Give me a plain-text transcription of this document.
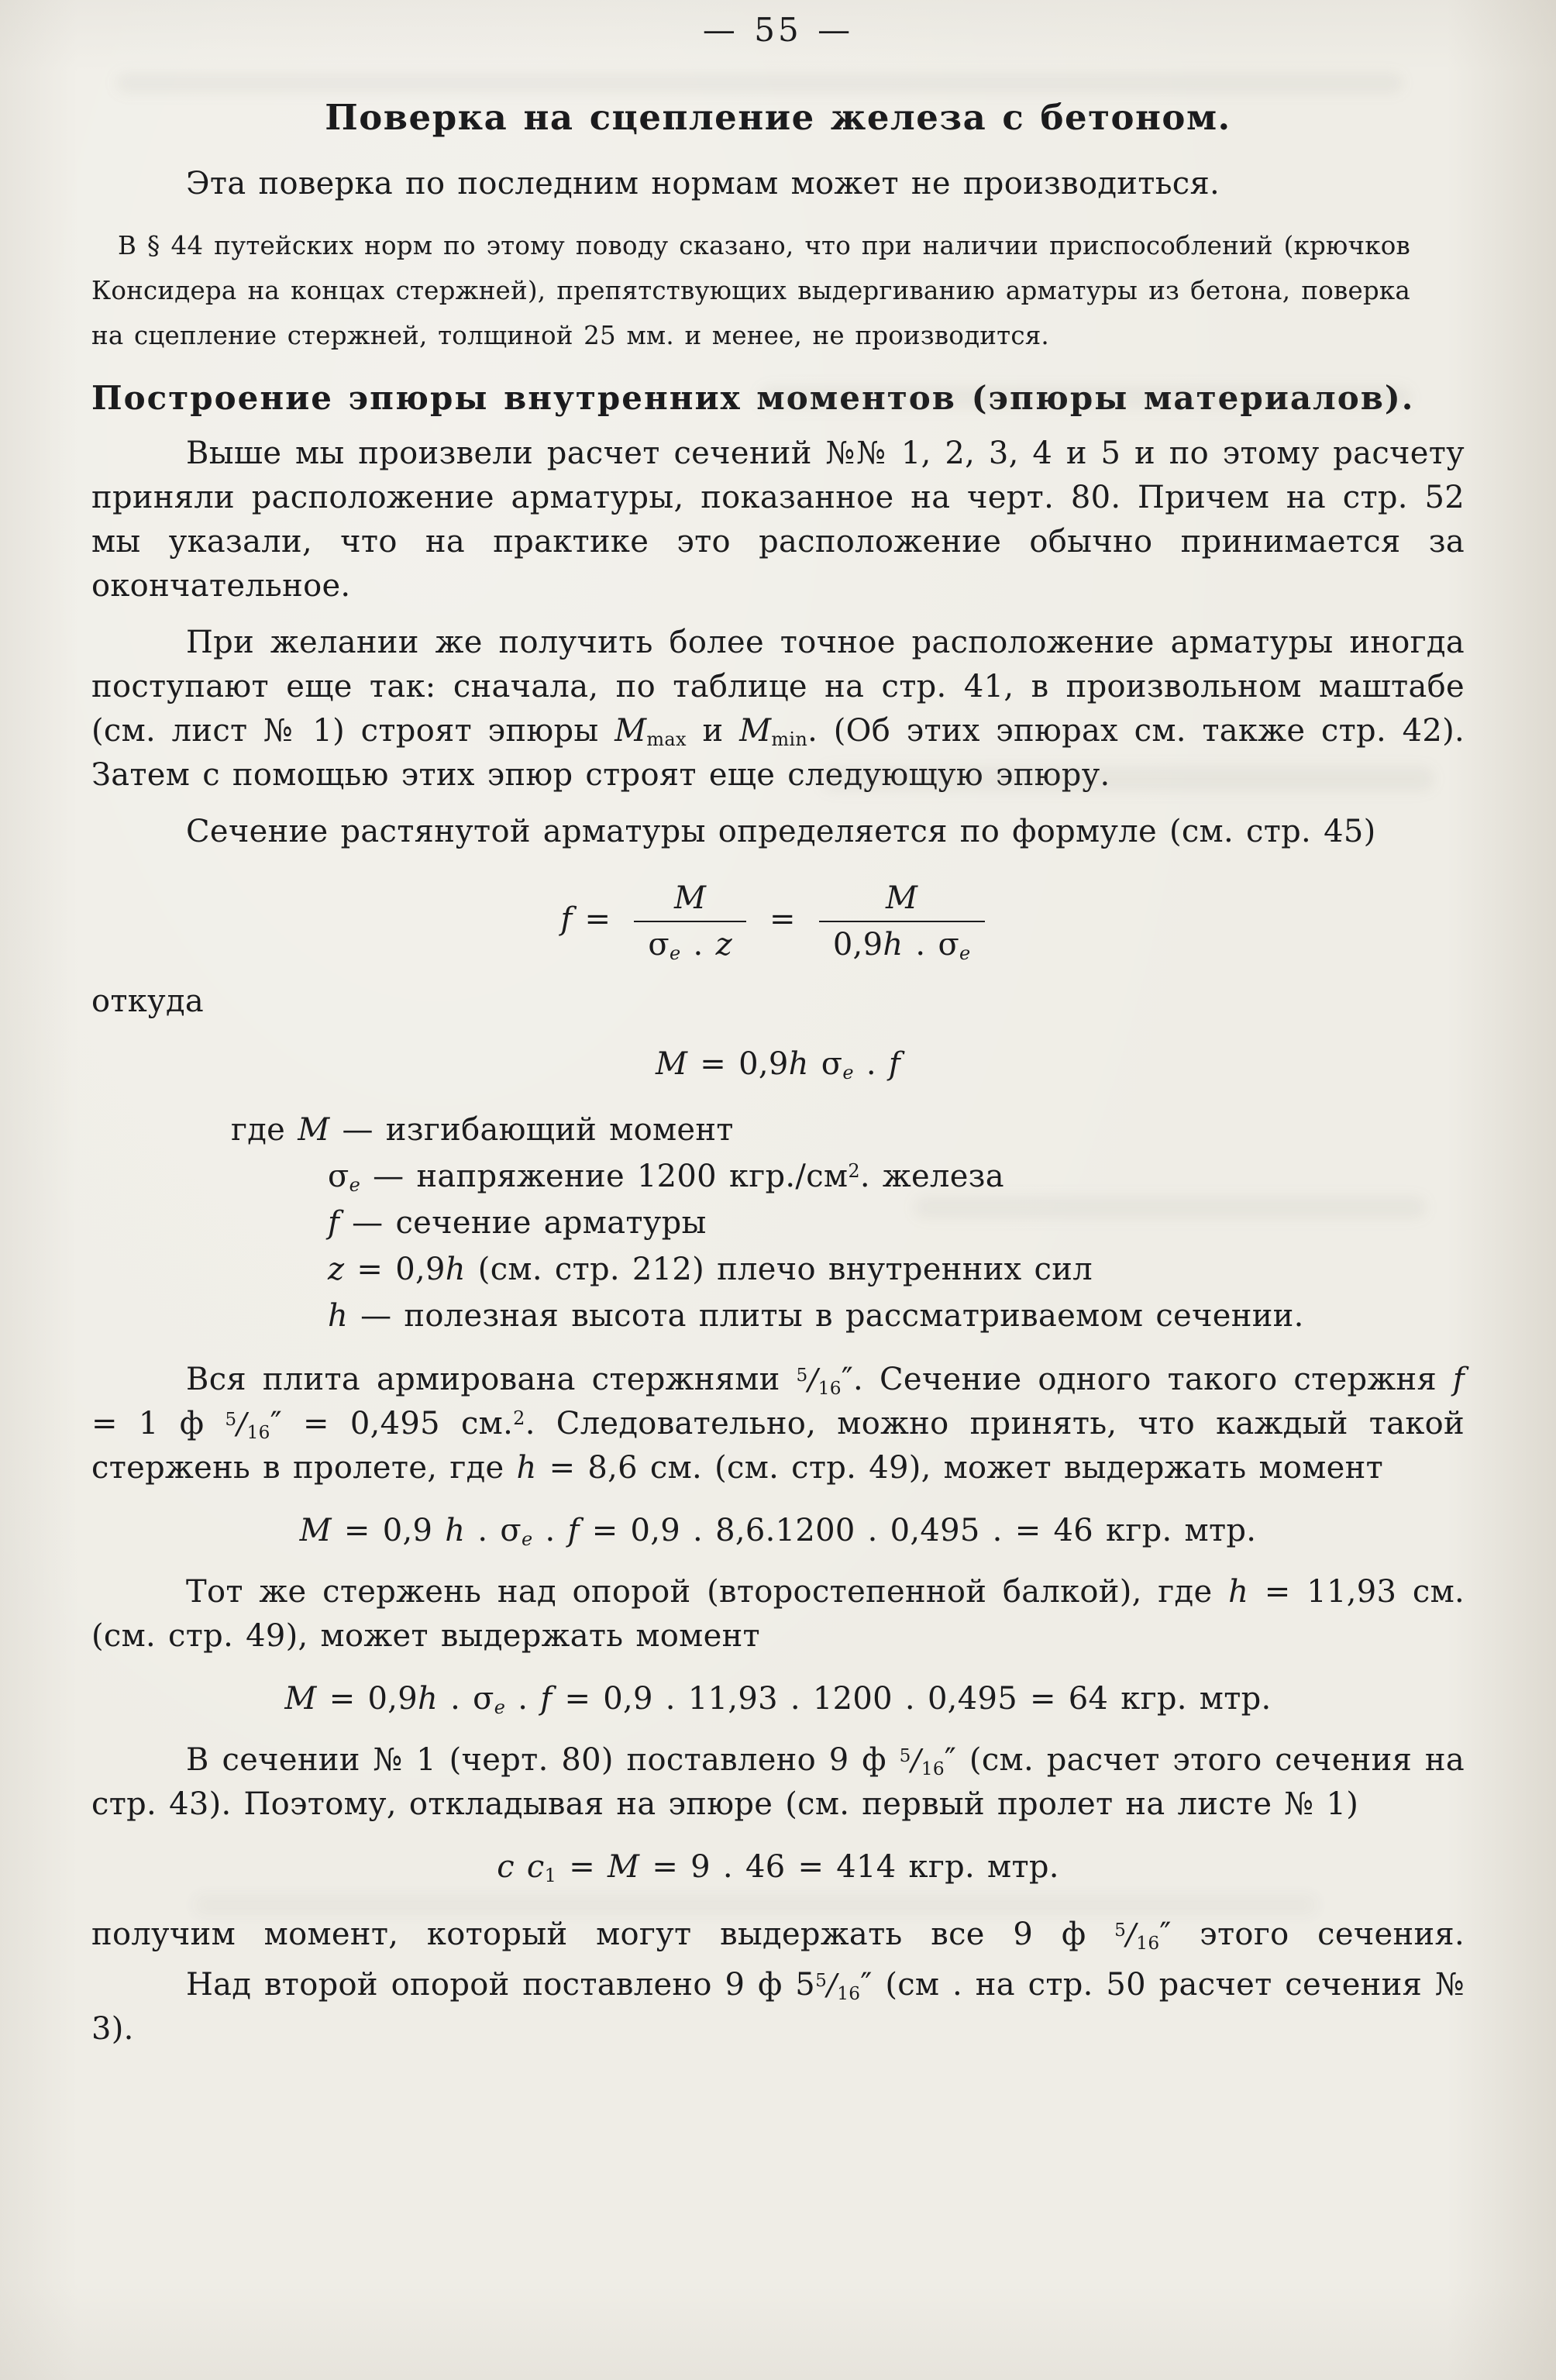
— 55 —
Поверка на сцепление железа с бетоном.

Эта поверка по последним нормам может не производиться.

В § 44 путейских норм по этому поводу сказано, что при наличии приспособлений (крючков Консидера на концах стержней), препятствующих выдергиванию арматуры из бетона, поверка на сцепление стержней, толщиной 25 мм. и менее, не производится.

Построение эпюры внутренних моментов (эпюры материалов).

Выше мы произвели расчет сечений №№ 1, 2, 3, 4 и 5 и по этому расчету приняли расположение арматуры, показанное на черт. 80. Причем на стр. 52 мы указали, что на практике это расположение обычно принимается за окончательное.

При желании же получить более точное расположение арматуры иногда поступают еще так: сначала, по таблице на стр. 41, в произвольном маштабе (см. лист № 1) строят эпюры $M_{max}$ и $M_{min}$. (Об этих эпюрах см. также стр. 42). Затем с помощью этих эпюр строят еще следующую эпюру.

Сечение растянутой арматуры определяется по формуле (см. стр. 45)

$f = \frac{M}{\sigma_e . z} = \frac{M}{0,9h . \sigma_e}$

откуда

M = 0,9h $\sigma_e$ . f
где M — изгибающий момент
$\sigma_e$ — напряжение 1200 $кгр./см^2$. железа
f — сечение арматуры
z = 0,9h (см. стр. 212) плечо внутренних сил
h — полезная высота плиты в рассматриваемом сечении.

Вся плита армирована стержнями $^5/_{16}''$. Сечение одного такого стержня f = 1 ф $^5/_{16}'' = 0,495$ см.$^2$. Следовательно, можно принять, что каждый такой стержень в пролете, где h = 8,6 см. (см. стр. 49), может выдержать момент

M = 0,9 h . $\sigma_e$ . f = 0,9 . 8,6.1200 . 0,495 . = 46 кгр. мтр.

Тот же стержень над опорой (второстепенной балкой), где h = 11,93 см. (см. стр. 49), может выдержать момент

M = 0,9h . $\sigma_e$ . f = 0,9 . 11,93 . 1200 . 0,495 = 64 кгр. мтр.

В сечении № 1 (черт. 80) поставлено 9 ф $^5/_{16}''$ (см. расчет этого сечения на стр. 43). Поэтому, откладывая на эпюре (см. первый пролет на листе № 1)

c $c_1 = M = 9$ . 46 = 414 кгр. мтр.

получим момент, который могут выдержать все 9 ф $^5/_{16}''$ этого сечения.

Над второй опорой поставлено 9 ф $5^5/_{16}''$ (см . на стр. 50 расчет сечения № 3).
